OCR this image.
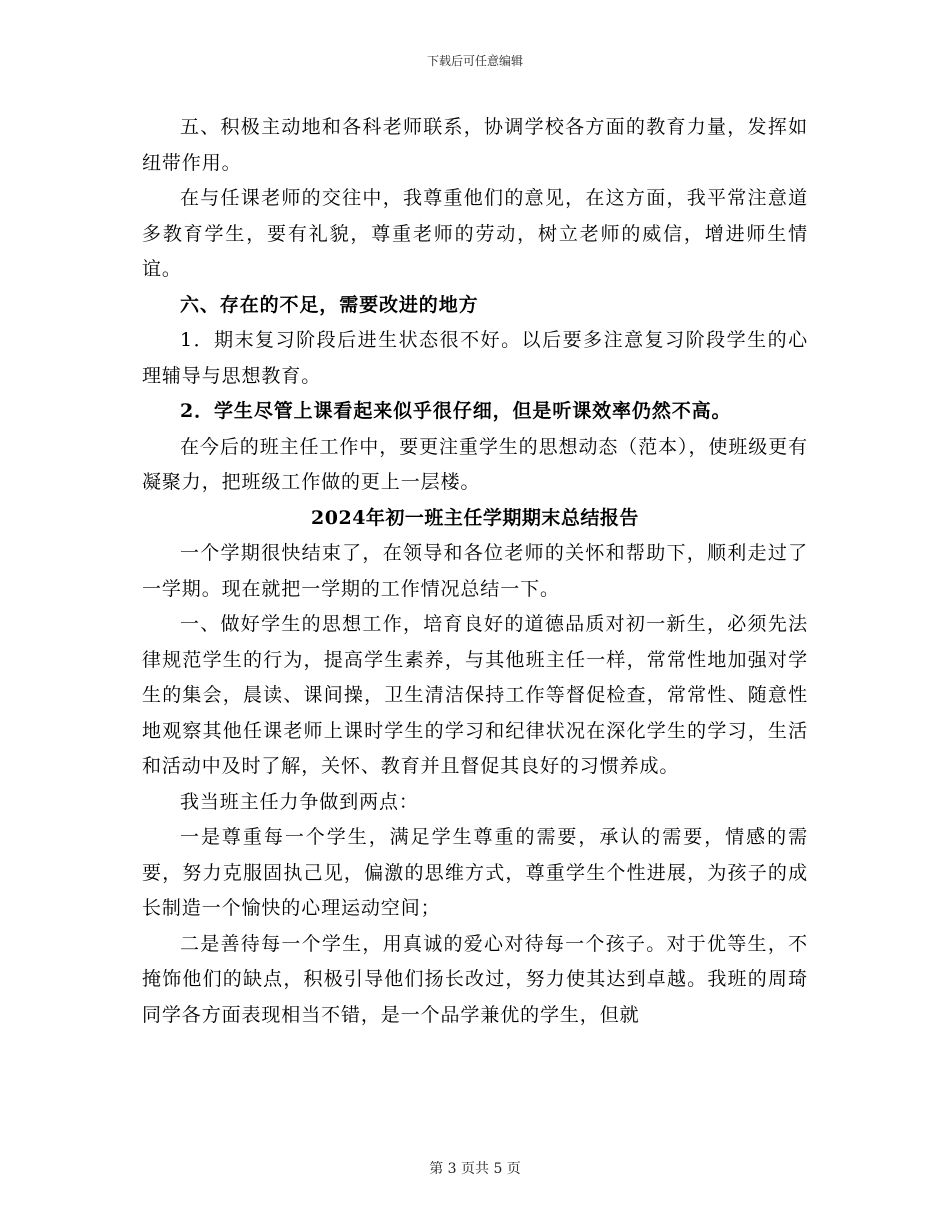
下载后可任意编辑

五、积极主动地和各科老师联系，协调学校各方面的教育力量，发挥如纽带作用。

在与任课老师的交往中，我尊重他们的意见，在这方面，我平常注意道多教育学生，要有礼貌，尊重老师的劳动，树立老师的威信，增进师生情谊。

六、存在的不足，需要改进的地方

1．期末复习阶段后进生状态很不好。以后要多注意复习阶段学生的心理辅导与思想教育。

2．学生尽管上课看起来似乎很仔细，但是听课效率仍然不高。

在今后的班主任工作中，要更注重学生的思想动态（范本），使班级更有凝聚力，把班级工作做的更上一层楼。

2024年初一班主任学期期末总结报告

一个学期很快结束了，在领导和各位老师的关怀和帮助下，顺利走过了一学期。现在就把一学期的工作情况总结一下。

一、做好学生的思想工作，培育良好的道德品质对初一新生，必须先法律规范学生的行为，提高学生素养，与其他班主任一样，常常性地加强对学生的集会，晨读、课间操，卫生清洁保持工作等督促检查，常常性、随意性地观察其他任课老师上课时学生的学习和纪律状况在深化学生的学习，生活和活动中及时了解，关怀、教育并且督促其良好的习惯养成。

我当班主任力争做到两点：

一是尊重每一个学生，满足学生尊重的需要，承认的需要，情感的需要，努力克服固执己见，偏激的思维方式，尊重学生个性进展，为孩子的成长制造一个愉快的心理运动空间；

二是善待每一个学生，用真诚的爱心对待每一个孩子。对于优等生，不掩饰他们的缺点，积极引导他们扬长改过，努力使其达到卓越。我班的周琦同学各方面表现相当不错，是一个品学兼优的学生，但就

第 3 页共 5 页
